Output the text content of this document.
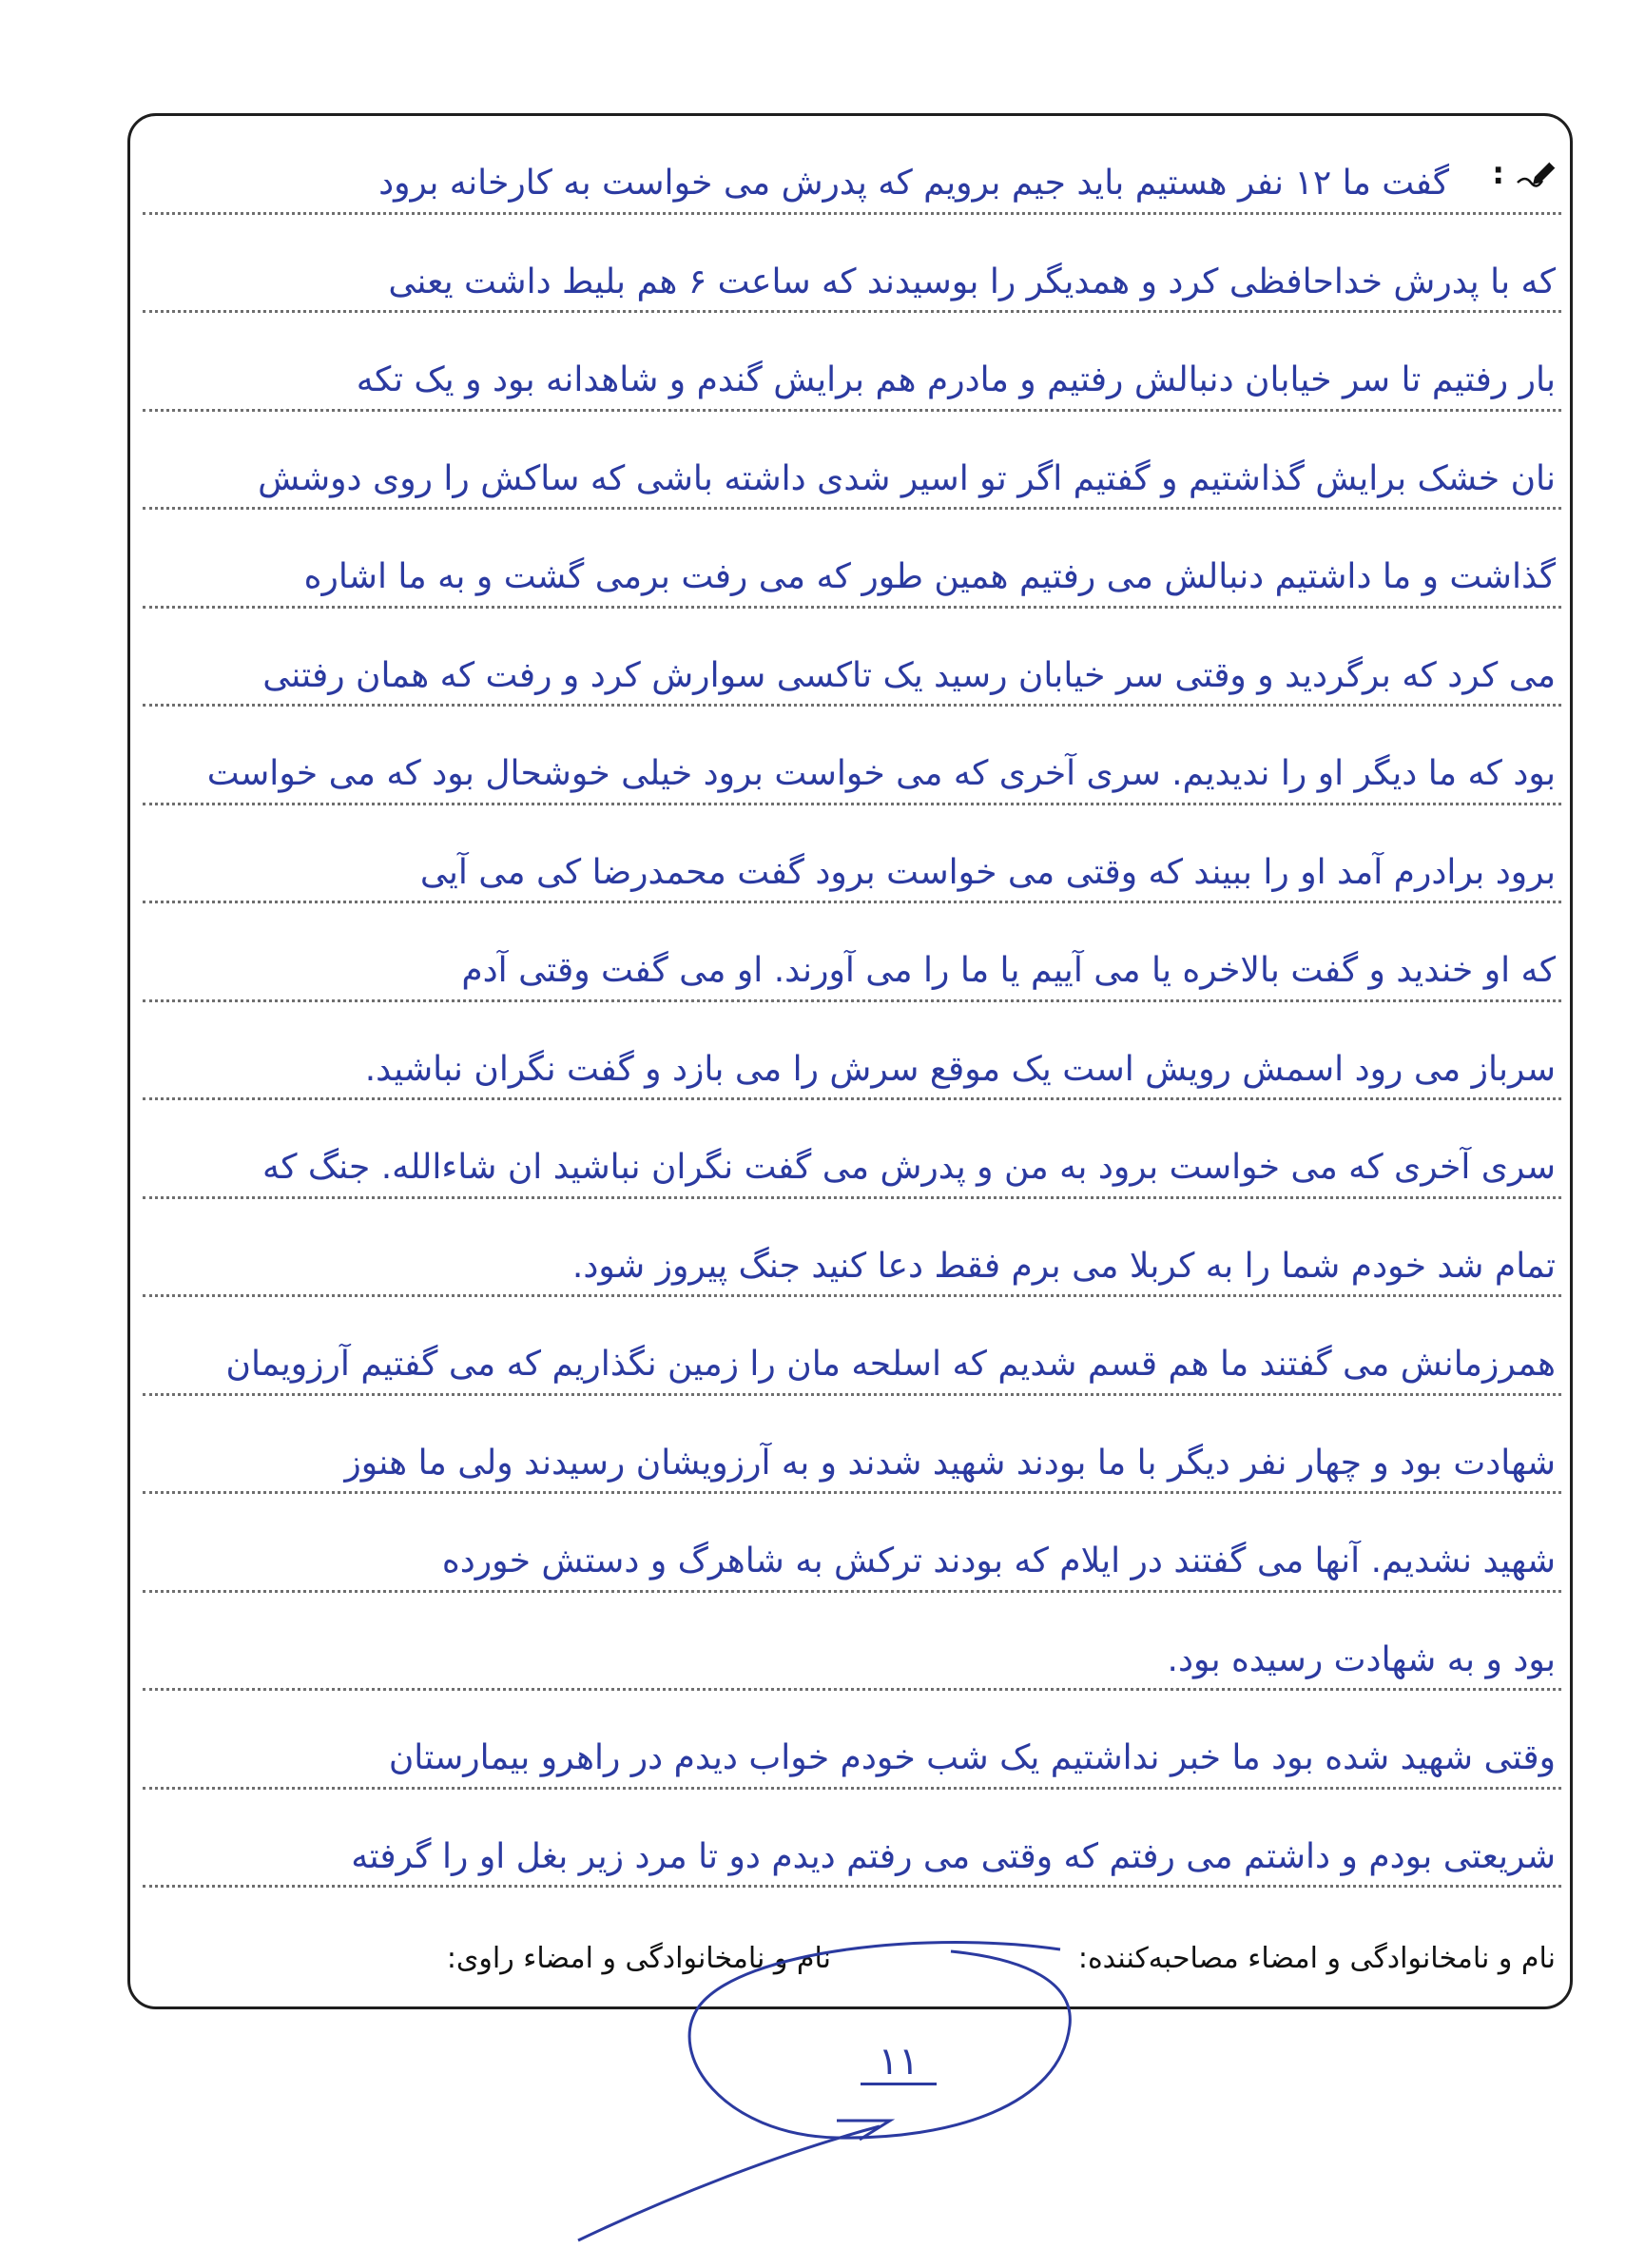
:
گفت ما ۱۲ نفر هستیم باید جیم برویم که پدرش می خواست به کارخانه برود
که با پدرش خداحافظی کرد و همدیگر را بوسیدند که ساعت ۶ هم بلیط داشت یعنی
بار رفتیم تا سر خیابان دنبالش رفتیم و مادرم هم برایش گندم و شاهدانه بود و یک تکه
نان خشک برایش گذاشتیم و گفتیم اگر تو اسیر شدی داشته باشی که ساکش را روی دوشش
گذاشت و ما داشتیم دنبالش می رفتیم همین طور که می رفت برمی گشت و به ما اشاره
می کرد که برگردید و وقتی سر خیابان رسید یک تاکسی سوارش کرد و رفت که همان رفتنی
بود که ما دیگر او را ندیدیم. سری آخری که می خواست برود خیلی خوشحال بود که می خواست
برود برادرم آمد او را ببیند که وقتی می خواست برود گفت محمدرضا کی می آیی
که او خندید و گفت بالاخره یا می آییم یا ما را می آورند. او می گفت وقتی آدم
سرباز می رود اسمش رویش است یک موقع سرش را می بازد و گفت نگران نباشید.
سری آخری که می خواست برود به من و پدرش می گفت نگران نباشید ان شاءالله. جنگ که
تمام شد خودم شما را به کربلا می برم فقط دعا کنید جنگ پیروز شود.
همرزمانش می گفتند ما هم قسم شدیم که اسلحه مان را زمین نگذاریم که می گفتیم آرزویمان
شهادت بود و چهار نفر دیگر با ما بودند شهید شدند و به آرزویشان رسیدند ولی ما هنوز
شهید نشدیم. آنها می گفتند در ایلام که بودند ترکش به شاهرگ و دستش خورده
بود و به شهادت رسیده بود.
وقتی شهید شده بود ما خبر نداشتیم یک شب خودم خواب دیدم در راهرو بیمارستان
شریعتی بودم و داشتم می رفتم که وقتی می رفتم دیدم دو تا مرد زیر بغل او را گرفته
نام و نامخانوادگی و امضاء مصاحبه‌کننده:
نام و نامخانوادگی و امضاء راوی:
۱۱
